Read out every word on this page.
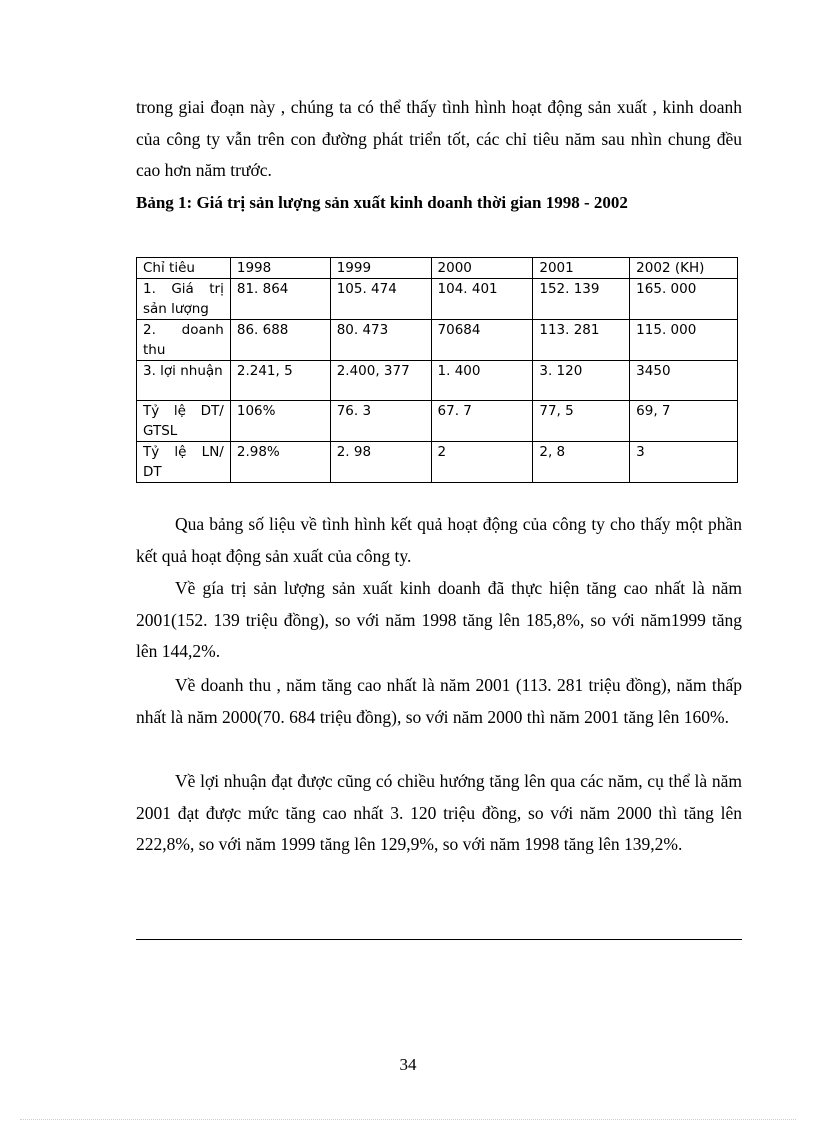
trong giai đoạn này , chúng ta có thể thấy tình hình hoạt động sản xuất , kinh doanh của công ty vẫn trên con đường phát triển tốt, các chỉ tiêu năm sau nhìn chung đều cao hơn năm trước.

Bảng 1: Giá trị sản lượng sản xuất kinh doanh thời gian 1998 - 2002

Chỉ tiêu	1998	1999	2000	2001	2002 (KH)
1. Giá trị sản lượng	81. 864	105. 474	104. 401	152. 139	165. 000
2. doanh thu	86. 688	80. 473	70684	113. 281	115. 000
3. lợi nhuận	2.241, 5	2.400, 377	1. 400	3. 120	3450
Tỷ lệ DT/ GTSL	106%	76. 3	67. 7	77, 5	69, 7
Tỷ lệ LN/ DT	2.98%	2. 98	2	2, 8	3

Qua bảng số liệu về tình hình kết quả hoạt động của công ty cho thấy một phần kết quả hoạt động sản xuất của công ty.

Về gía trị sản lượng sản xuất kinh doanh đã thực hiện tăng cao nhất là năm 2001(152. 139 triệu đồng), so với năm 1998 tăng lên 185,8%, so với năm1999 tăng lên 144,2%.

Về doanh thu , năm tăng cao nhất là năm 2001 (113. 281 triệu đồng), năm thấp nhất là năm 2000(70. 684 triệu đồng), so với năm 2000 thì năm 2001 tăng lên 160%.

Về lợi nhuận đạt được cũng có chiều hướng tăng lên qua các năm, cụ thể là năm 2001 đạt được mức tăng cao nhất 3. 120 triệu đồng, so với năm 2000 thì tăng lên 222,8%, so với năm 1999 tăng lên 129,9%, so với năm 1998 tăng lên 139,2%.

34
